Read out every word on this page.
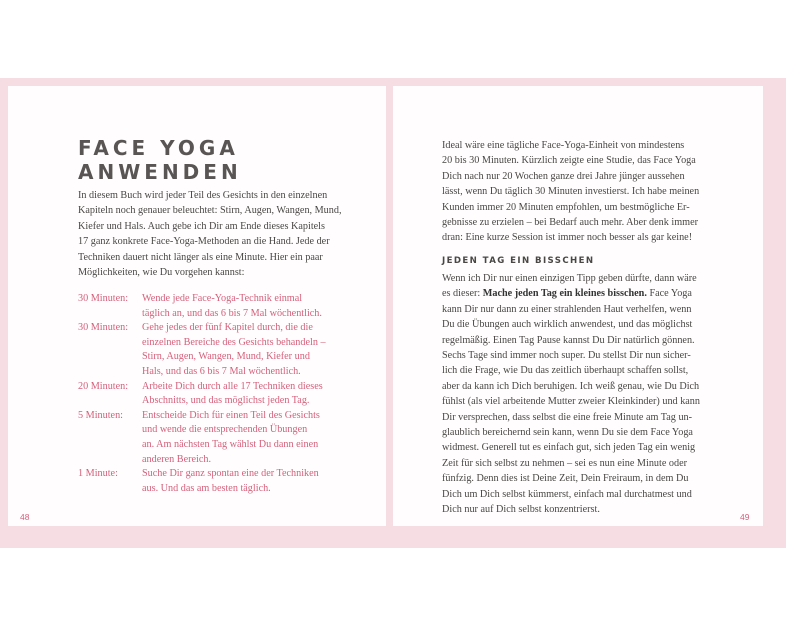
FACE YOGA
ANWENDEN

In diesem Buch wird jeder Teil des Gesichts in den einzelnen
Kapiteln noch genauer beleuchtet: Stirn, Augen, Wangen, Mund,
Kiefer und Hals. Auch gebe ich Dir am Ende dieses Kapitels
17 ganz konkrete Face-Yoga-Methoden an die Hand. Jede der
Techniken dauert nicht länger als eine Minute. Hier ein paar
Möglichkeiten, wie Du vorgehen kannst:

30 Minuten:	Wende jede Face-Yoga-Technik einmal
täglich an, und das 6 bis 7 Mal wöchentlich.
30 Minuten:	Gehe jedes der fünf Kapitel durch, die die
einzelnen Bereiche des Gesichts behandeln –
Stirn, Augen, Wangen, Mund, Kiefer und
Hals, und das 6 bis 7 Mal wöchentlich.
20 Minuten:	Arbeite Dich durch alle 17 Techniken dieses
Abschnitts, und das möglichst jeden Tag.
5 Minuten:	Entscheide Dich für einen Teil des Gesichts
und wende die entsprechenden Übungen
an. Am nächsten Tag wählst Du dann einen
anderen Bereich.
1 Minute:	Suche Dir ganz spontan eine der Techniken
aus. Und das am besten täglich.

Ideal wäre eine tägliche Face-Yoga-Einheit von mindestens
20 bis 30 Minuten. Kürzlich zeigte eine Studie, das Face Yoga
Dich nach nur 20 Wochen ganze drei Jahre jünger aussehen
lässt, wenn Du täglich 30 Minuten investierst. Ich habe meinen
Kunden immer 20 Minuten empfohlen, um bestmögliche Er-
gebnisse zu erzielen – bei Bedarf auch mehr. Aber denk immer
dran: Eine kurze Session ist immer noch besser als gar keine!

JEDEN TAG EIN BISSCHEN

Wenn ich Dir nur einen einzigen Tipp geben dürfte, dann wäre
es dieser: Mache jeden Tag ein kleines bisschen. Face Yoga
kann Dir nur dann zu einer strahlenden Haut verhelfen, wenn
Du die Übungen auch wirklich anwendest, und das möglichst
regelmäßig. Einen Tag Pause kannst Du Dir natürlich gönnen.
Sechs Tage sind immer noch super. Du stellst Dir nun sicher-
lich die Frage, wie Du das zeitlich überhaupt schaffen sollst,
aber da kann ich Dich beruhigen. Ich weiß genau, wie Du Dich
fühlst (als viel arbeitende Mutter zweier Kleinkinder) und kann
Dir versprechen, dass selbst die eine freie Minute am Tag un-
glaublich bereichernd sein kann, wenn Du sie dem Face Yoga
widmest. Generell tut es einfach gut, sich jeden Tag ein wenig
Zeit für sich selbst zu nehmen – sei es nun eine Minute oder
fünfzig. Denn dies ist Deine Zeit, Dein Freiraum, in dem Du
Dich um Dich selbst kümmerst, einfach mal durchatmest und
Dich nur auf Dich selbst konzentrierst.

48	49
